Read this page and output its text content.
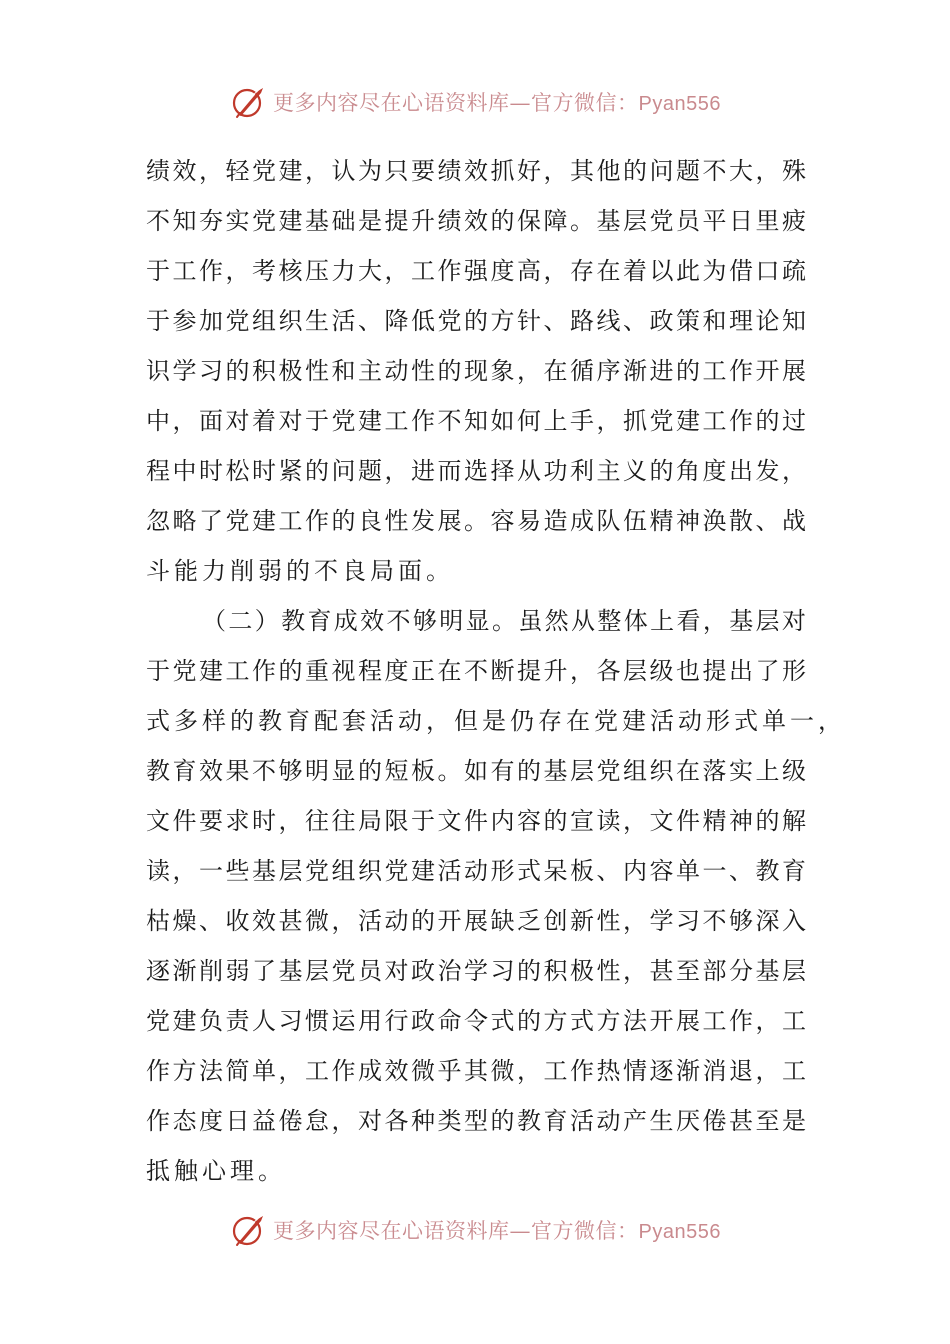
更多内容尽在心语资料库—官方微信：Pyan556
绩 效 ， 轻 党 建 ， 认 为 只 要 绩 效 抓 好 ， 其 他 的 问 题 不 大 ， 殊
不 知 夯 实 党 建 基 础 是 提 升 绩 效 的 保 障 。 基 层 党 员 平 日 里 疲
于 工 作 ， 考 核 压 力 大 ， 工 作 强 度 高 ， 存 在 着 以 此 为 借 口 疏
于 参 加 党 组 织 生 活 、 降 低 党 的 方 针 、 路 线 、 政 策 和 理 论 知
识 学 习 的 积 极 性 和 主 动 性 的 现 象 ， 在 循 序 渐 进 的 工 作 开 展
中 ， 面 对 着 对 于 党 建 工 作 不 知 如 何 上 手 ， 抓 党 建 工 作 的 过
程 中 时 松 时 紧 的 问 题 ， 进 而 选 择 从 功 利 主 义 的 角 度 出 发 ，
忽 略 了 党 建 工 作 的 良 性 发 展 。 容 易 造 成 队 伍 精 神 涣 散 、 战
斗能力削弱的不良局面。
（ 二 ） 教 育 成 效 不 够 明 显 。 虽 然 从 整 体 上 看 ， 基 层 对
于 党 建 工 作 的 重 视 程 度 正 在 不 断 提 升 ， 各 层 级 也 提 出 了 形
式多样的教育配套活动，但是仍存在党建活动形式单一，
教 育 效 果 不 够 明 显 的 短 板 。 如 有 的 基 层 党 组 织 在 落 实 上 级
文 件 要 求 时 ， 往 往 局 限 于 文 件 内 容 的 宣 读 ， 文 件 精 神 的 解
读 ， 一 些 基 层 党 组 织 党 建 活 动 形 式 呆 板 、 内 容 单 一 、 教 育
枯 燥 、 收 效 甚 微 ， 活 动 的 开 展 缺 乏 创 新 性 ， 学 习 不 够 深 入
逐 渐 削 弱 了 基 层 党 员 对 政 治 学 习 的 积 极 性 ， 甚 至 部 分 基 层
党 建 负 责 人 习 惯 运 用 行 政 命 令 式 的 方 式 方 法 开 展 工 作 ， 工
作 方 法 简 单 ， 工 作 成 效 微 乎 其 微 ， 工 作 热 情 逐 渐 消 退 ， 工
作 态 度 日 益 倦 怠 ， 对 各 种 类 型 的 教 育 活 动 产 生 厌 倦 甚 至 是
抵触心理。
更多内容尽在心语资料库—官方微信：Pyan556
